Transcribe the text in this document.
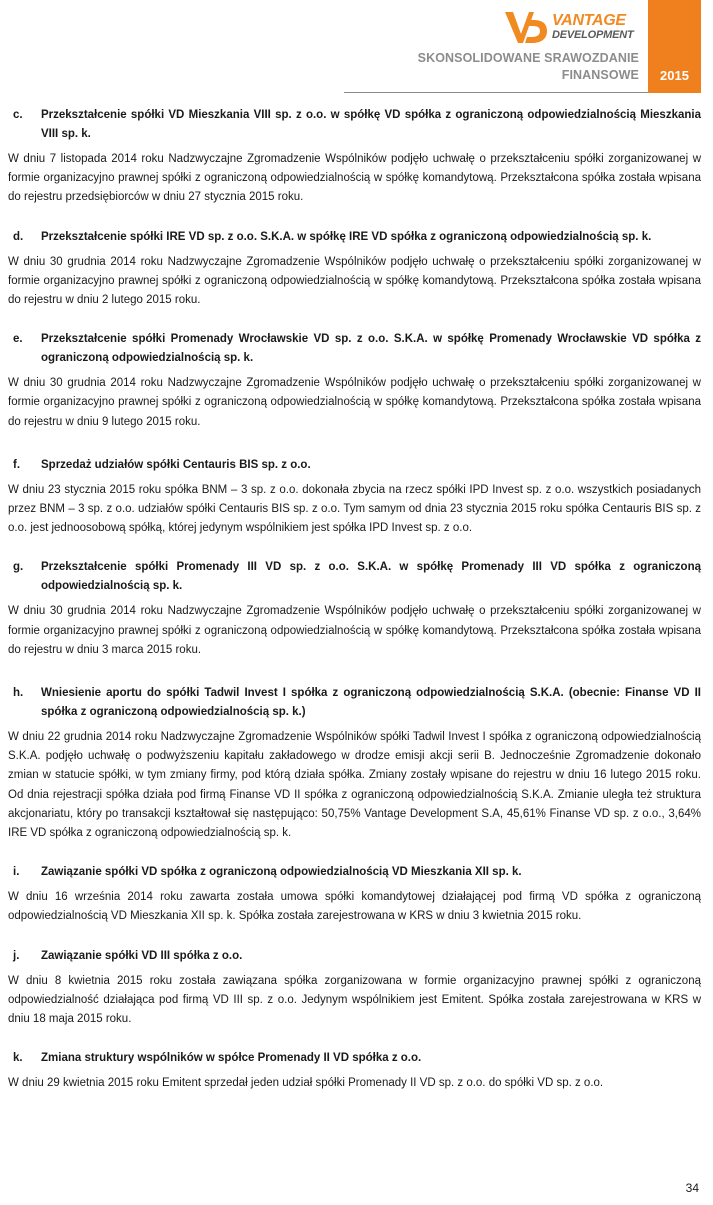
VANTAGE
DEVELOPMENT
SKONSOLIDOWANE SRAWOZDANIE
FINANSOWE	2015
c.	Przekształcenie spółki VD Mieszkania VIII sp. z o.o. w spółkę VD spółka z ograniczoną odpowiedzialnością Mieszkania VIII sp. k.

W dniu 7 listopada 2014 roku Nadzwyczajne Zgromadzenie Wspólników podjęło uchwałę o przekształceniu spółki zorganizowanej w formie organizacyjno prawnej spółki z ograniczoną odpowiedzialnością w spółkę komandytową. Przekształcona spółka została wpisana do rejestru przedsiębiorców w dniu 27 stycznia 2015 roku.

d.	Przekształcenie spółki IRE VD sp. z o.o. S.K.A. w spółkę IRE VD spółka z ograniczoną odpowiedzialnością sp. k.

W dniu 30 grudnia 2014 roku Nadzwyczajne Zgromadzenie Wspólników podjęło uchwałę o przekształceniu spółki zorganizowanej w formie organizacyjno prawnej spółki z ograniczoną odpowiedzialnością w spółkę komandytową. Przekształcona spółka została wpisana do rejestru w dniu 2 lutego 2015 roku.

e.	Przekształcenie spółki Promenady Wrocławskie VD sp. z o.o. S.K.A. w spółkę Promenady Wrocławskie VD spółka z ograniczoną odpowiedzialnością sp. k.

W dniu 30 grudnia 2014 roku Nadzwyczajne Zgromadzenie Wspólników podjęło uchwałę o przekształceniu spółki zorganizowanej w formie organizacyjno prawnej spółki z ograniczoną odpowiedzialnością w spółkę komandytową. Przekształcona spółka została wpisana do rejestru w dniu 9 lutego 2015 roku.

f.	Sprzedaż udziałów spółki Centauris BIS sp. z o.o.

W dniu 23 stycznia 2015 roku spółka BNM – 3 sp. z o.o. dokonała zbycia na rzecz spółki IPD Invest sp. z o.o. wszystkich posiadanych przez BNM – 3 sp. z o.o. udziałów spółki Centauris BIS sp. z o.o. Tym samym od dnia 23 stycznia 2015 roku spółka Centauris BIS sp. z o.o. jest jednoosobową spółką, której jedynym wspólnikiem jest spółka IPD Invest sp. z o.o.

g.	Przekształcenie spółki Promenady III VD sp. z o.o. S.K.A. w spółkę Promenady III VD spółka z ograniczoną odpowiedzialnością sp. k.

W dniu 30 grudnia 2014 roku Nadzwyczajne Zgromadzenie Wspólników podjęło uchwałę o przekształceniu spółki zorganizowanej w formie organizacyjno prawnej spółki z ograniczoną odpowiedzialnością w spółkę komandytową. Przekształcona spółka została wpisana do rejestru w dniu 3 marca 2015 roku.

h.	Wniesienie aportu do spółki Tadwil Invest I spółka z ograniczoną odpowiedzialnością S.K.A. (obecnie: Finanse VD II spółka z ograniczoną odpowiedzialnością sp. k.)

W dniu 22 grudnia 2014 roku Nadzwyczajne Zgromadzenie Wspólników spółki Tadwil Invest I spółka z ograniczoną odpowiedzialnością S.K.A. podjęło uchwałę o podwyższeniu kapitału zakładowego w drodze emisji akcji serii B. Jednocześnie Zgromadzenie dokonało zmian w statucie spółki, w tym zmiany firmy, pod którą działa spółka. Zmiany zostały wpisane do rejestru w dniu 16 lutego 2015 roku. Od dnia rejestracji spółka działa pod firmą Finanse VD II spółka z ograniczoną odpowiedzialnością S.K.A. Zmianie uległa też struktura akcjonariatu, który po transakcji kształtował się następująco: 50,75% Vantage Development S.A, 45,61% Finanse VD sp. z o.o., 3,64% IRE VD spółka z ograniczoną odpowiedzialnością sp. k.

i.	Zawiązanie spółki VD spółka z ograniczoną odpowiedzialnością VD Mieszkania XII sp. k.

W dniu 16 września 2014 roku zawarta została umowa spółki komandytowej działającej pod firmą VD spółka z ograniczoną odpowiedzialnością VD Mieszkania XII sp. k. Spółka została zarejestrowana w KRS w dniu 3 kwietnia 2015 roku.

j.	Zawiązanie spółki VD III spółka z o.o.

W dniu 8 kwietnia 2015 roku została zawiązana spółka zorganizowana w formie organizacyjno prawnej spółki z ograniczoną odpowiedzialność działająca pod firmą VD III sp. z o.o. Jedynym wspólnikiem jest Emitent. Spółka została zarejestrowana w KRS w dniu 18 maja 2015 roku.

k.	Zmiana struktury wspólników w spółce Promenady II VD spółka z o.o.

W dniu 29 kwietnia 2015 roku Emitent sprzedał jeden udział spółki Promenady II VD sp. z o.o. do spółki VD sp. z o.o.

34
